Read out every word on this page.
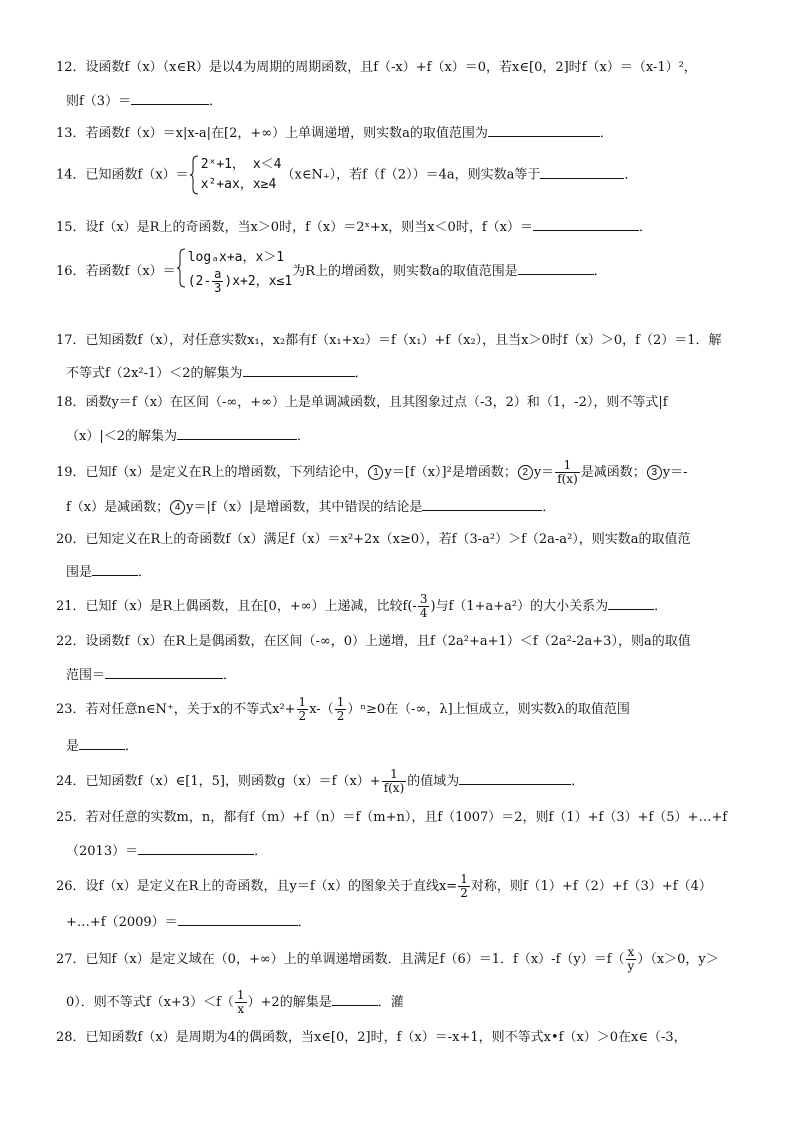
12．设函数f（x）（x∈R）是以4为周期的周期函数，且f（-x）+f（x）＝0，若x∈[0，2]时f（x）＝（x-1）²，
则f（3）＝	．
13．若函数f（x）＝x|x-a|在[2，+∞）上单调递增，则实数a的取值范围为	．
14．已知函数f（x）＝
2ˣ+1， x＜4
x²+ax，x≥4
（x∈N₊），若f（f（2））＝4a，则实数a等于	．
15．设f（x）是R上的奇函数，当x＞0时，f（x）＝2ˣ+x，则当x＜0时，f（x）＝	．
16．若函数f（x）＝
logₐx+a，x＞1
$(2- \frac{a}{3} )x+2$，x≤1
为R上的增函数，则实数a的取值范围是	．
17．已知函数f（x），对任意实数x₁，x₂都有f（x₁+x₂）＝f（x₁）+f（x₂），且当x＞0时f（x）＞0，f（2）＝1．解
不等式f（2x²-1）＜2的解集为	．
18．函数y＝f（x）在区间（-∞，+∞）上是单调减函数，且其图象过点（-3，2）和（1，-2），则不等式|f
（x）|＜2的解集为	．
19．已知f（x）是定义在R上的增函数，下列结论中， 1 y＝[f（x）]²是增函数； 2 $y= \frac{1}{f(x)}$ 是减函数； 3 y＝-
f（x）是减函数； 4 y＝|f（x）|是增函数，其中错误的结论是	．
20．已知定义在R上的奇函数f（x）满足f（x）＝x²+2x（x≥0），若f（3-a²）＞f（2a-a²），则实数a的取值范
围是	．
21．已知f（x）是R上偶函数，且在[0，+∞）上递减，比较$f(- \frac{3}{4}$ )与f（1+a+a²）的大小关系为	．
22．设函数f（x）在R上是偶函数，在区间（-∞，0）上递增，且f（2a²+a+1）＜f（2a²-2a+3），则a的取值
范围＝	．
23．若对任意n∈N⁺，关于x的不等式$x^2+ \frac{1}{2} x-( \frac{1}{2} )^n\ge 0$在（-∞，λ]上恒成立，则实数λ的取值范围
是	．
24．已知函数f（x）∈[1，5]，则函数$g(x)=f(x)+ \frac{1}{f(x)}$ 的值域为	．
25．若对任意的实数m，n，都有f（m）+f（n）＝f（m+n），且f（1007）＝2，则f（1）+f（3）+f（5）+…+f
（2013）＝	．
26．设f（x）是定义在R上的奇函数，且y＝f（x）的图象关于直线$x= \frac{1}{2}$ 对称，则f（1）+f（2）+f（3）+f（4）
+…+f（2009）＝	．
27．已知f（x）是定义域在（0，+∞）上的单调递增函数．且满足f（6）＝1．$f(x)-f(y)=f( \frac{x}{y} )(x>0$，y＞
0）．则不等式$f(x+3)<f( \frac{1}{x} )+2$的解集是	．灌
28．已知函数f（x）是周期为4的偶函数，当x∈[0，2]时，f（x）＝-x+1，则不等式x•f（x）＞0在x∈（-3，
